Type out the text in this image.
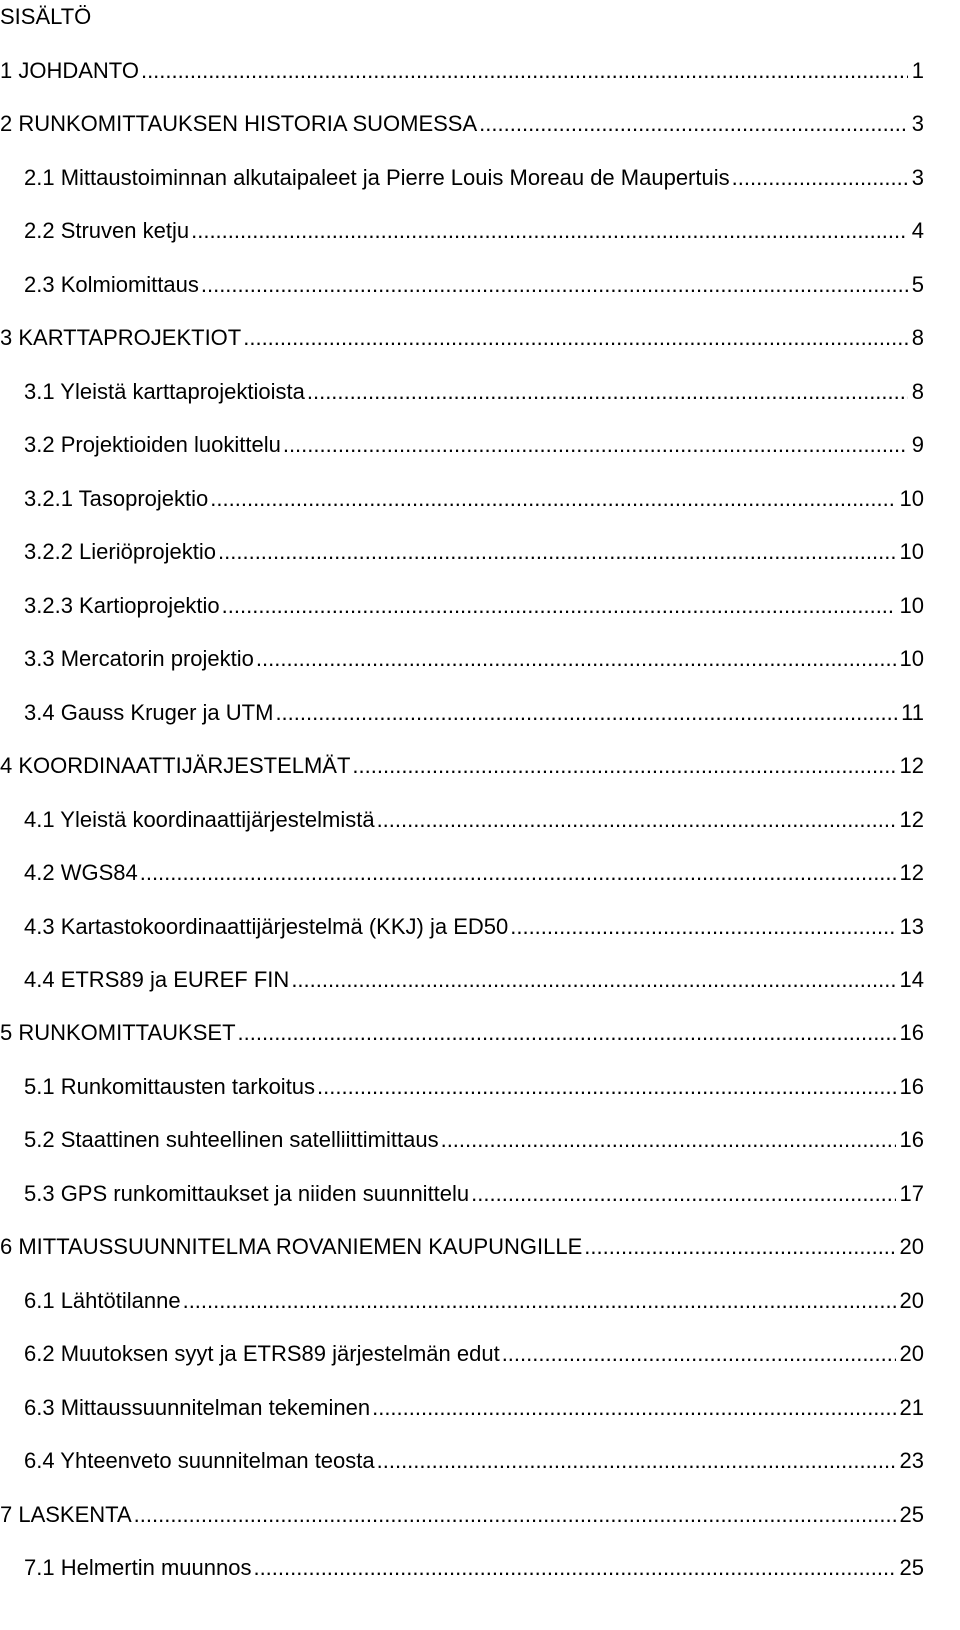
SISÄLTÖ
1 JOHDANTO .....	1
2 RUNKOMITTAUKSEN HISTORIA SUOMESSA .....	3
2.1 Mittaustoiminnan alkutaipaleet ja Pierre Louis Moreau de Maupertuis .....	3
2.2 Struven ketju .....	4
2.3 Kolmiomittaus .....	5
3 KARTTAPROJEKTIOT .....	8
3.1 Yleistä karttaprojektioista .....	8
3.2 Projektioiden luokittelu .....	9
3.2.1 Tasoprojektio .....	10
3.2.2 Lieriöprojektio .....	10
3.2.3 Kartioprojektio .....	10
3.3 Mercatorin projektio .....	10
3.4 Gauss Kruger ja UTM .....	11
4 KOORDINAATTIJÄRJESTELMÄT .....	12
4.1 Yleistä koordinaattijärjestelmistä .....	12
4.2 WGS84 .....	12
4.3 Kartastokoordinaattijärjestelmä (KKJ) ja ED50 .....	13
4.4 ETRS89 ja EUREF FIN .....	14
5 RUNKOMITTAUKSET .....	16
5.1 Runkomittausten tarkoitus .....	16
5.2 Staattinen suhteellinen satelliittimittaus .....	16
5.3 GPS runkomittaukset ja niiden suunnittelu .....	17
6 MITTAUSSUUNNITELMA ROVANIEMEN KAUPUNGILLE .....	20
6.1 Lähtötilanne .....	20
6.2 Muutoksen syyt ja ETRS89 järjestelmän edut .....	20
6.3 Mittaussuunnitelman tekeminen .....	21
6.4 Yhteenveto suunnitelman teosta .....	23
7 LASKENTA .....	25
7.1 Helmertin muunnos .....	25
